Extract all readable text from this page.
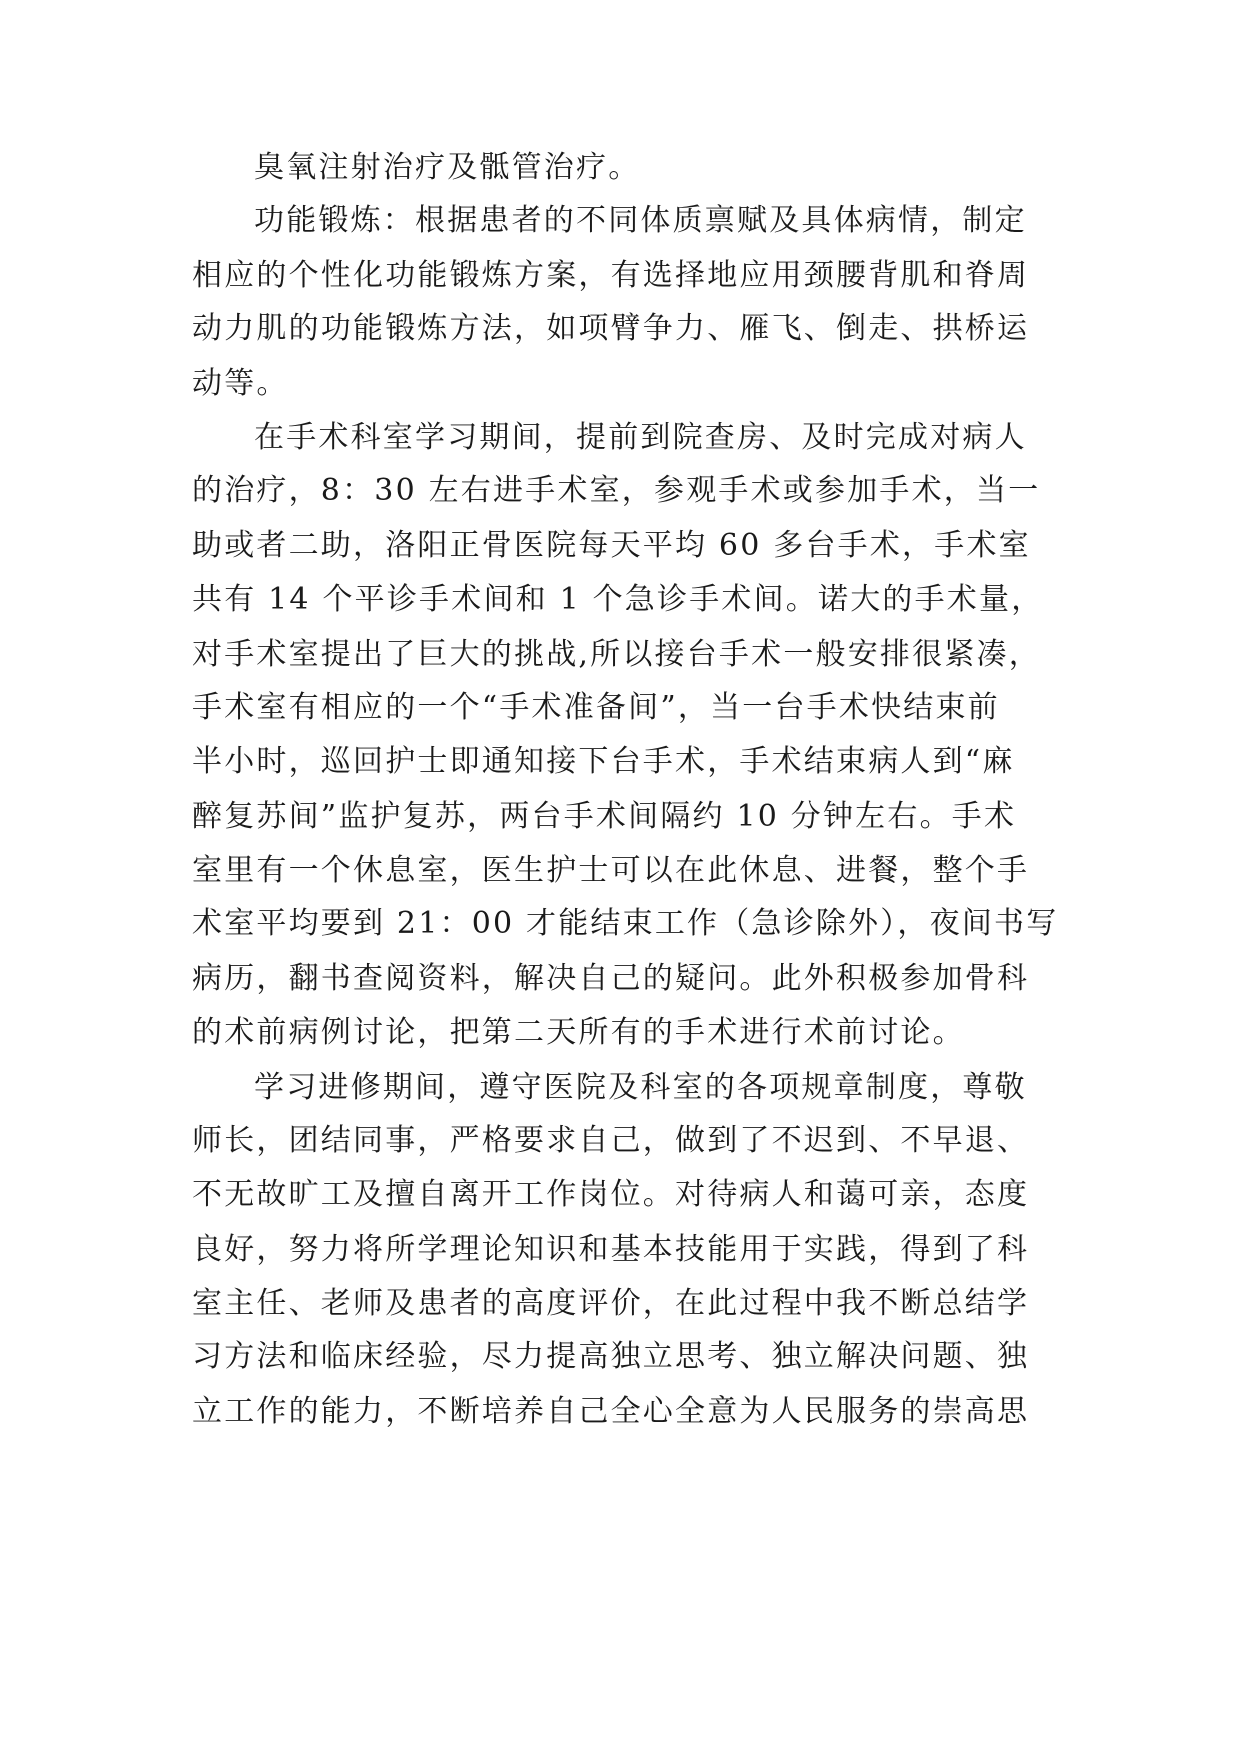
臭氧注射治疗及骶管治疗。
功能锻炼：根据患者的不同体质禀赋及具体病情，制定
相应的个性化功能锻炼方案，有选择地应用颈腰背肌和脊周
动力肌的功能锻炼方法，如项臂争力、雁飞、倒走、拱桥运
动等。
在手术科室学习期间，提前到院查房、及时完成对病人
的治疗，8：30 左右进手术室，参观手术或参加手术，当一
助或者二助，洛阳正骨医院每天平均 60 多台手术，手术室
共有 14 个平诊手术间和 1 个急诊手术间。诺大的手术量，
对手术室提出了巨大的挑战,所以接台手术一般安排很紧凑，
手术室有相应的一个“手术准备间”，当一台手术快结束前
半小时，巡回护士即通知接下台手术，手术结束病人到“麻
醉复苏间”监护复苏，两台手术间隔约 10 分钟左右。手术
室里有一个休息室，医生护士可以在此休息、进餐，整个手
术室平均要到 21：00 才能结束工作（急诊除外），夜间书写
病历，翻书查阅资料，解决自己的疑问。此外积极参加骨科
的术前病例讨论，把第二天所有的手术进行术前讨论。
学习进修期间，遵守医院及科室的各项规章制度，尊敬
师长，团结同事，严格要求自己，做到了不迟到、不早退、
不无故旷工及擅自离开工作岗位。对待病人和蔼可亲，态度
良好，努力将所学理论知识和基本技能用于实践，得到了科
室主任、老师及患者的高度评价，在此过程中我不断总结学
习方法和临床经验，尽力提高独立思考、独立解决问题、独
立工作的能力，不断培养自己全心全意为人民服务的崇高思
